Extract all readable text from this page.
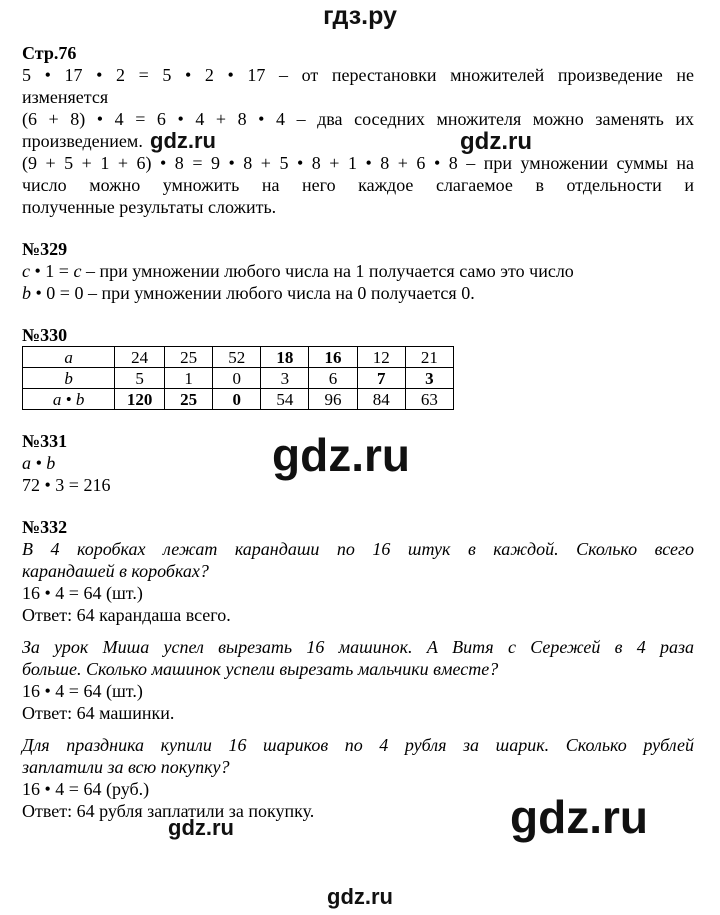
гдз.ру
Стр.76
5 • 17 • 2 = 5 • 2 • 17 – от перестановки множителей произведение не
изменяется
(6 + 8) • 4 = 6 • 4 + 8 • 4 – два соседних множителя можно заменять их
произведением.
(9 + 5 + 1 + 6) • 8 = 9 • 8 + 5 • 8 + 1 • 8 + 6 • 8 – при умножении суммы на
число можно умножить на него каждое слагаемое в отдельности и
полученные результаты сложить.
№329
c • 1 = c – при умножении любого числа на 1 получается само это число
b • 0 = 0 – при умножении любого числа на 0 получается 0.
№330
a	24	25	52	18	16	12	21
b	5	1	0	3	6	7	3
a • b	120	25	0	54	96	84	63
№331
a • b
72 • 3 = 216
№332
В 4 коробках лежат карандаши по 16 штук в каждой. Сколько всего
карандашей в коробках?
16 • 4 = 64 (шт.)
Ответ: 64 карандаша всего.
За урок Миша успел вырезать 16 машинок. А Витя с Сережей в 4 раза
больше. Сколько машинок успели вырезать мальчики вместе?
16 • 4 = 64 (шт.)
Ответ: 64 машинки.
Для праздника купили 16 шариков по 4 рубля за шарик. Сколько рублей
заплатили за всю покупку?
16 • 4 = 64 (руб.)
Ответ: 64 рубля заплатили за покупку.
gdz.ru	gdz.ru
gdz.ru
gdz.ru
gdz.ru
gdz.ru
